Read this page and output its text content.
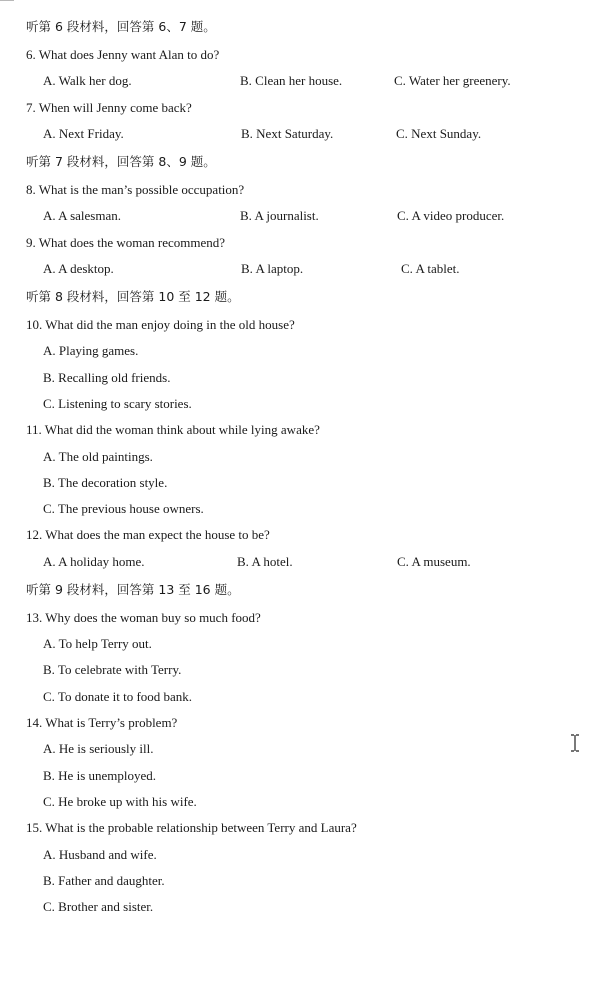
听第 6 段材料，回答第 6、7 题。
6. What does Jenny want Alan to do?
A. Walk her dog.	B. Clean her house.	C. Water her greenery.
7. When will Jenny come back?
A. Next Friday.	B. Next Saturday.	C. Next Sunday.
听第 7 段材料，回答第 8、9 题。
8. What is the man’s possible occupation?
A. A salesman.	B. A journalist.	C. A video producer.
9. What does the woman recommend?
A. A desktop.	B. A laptop.	C. A tablet.
听第 8 段材料，回答第 10 至 12 题。
10. What did the man enjoy doing in the old house?
A. Playing games.
B. Recalling old friends.
C. Listening to scary stories.
11. What did the woman think about while lying awake?
A. The old paintings.
B. The decoration style.
C. The previous house owners.
12. What does the man expect the house to be?
A. A holiday home.	B. A hotel.	C. A museum.
听第 9 段材料，回答第 13 至 16 题。
13. Why does the woman buy so much food?
A. To help Terry out.
B. To celebrate with Terry.
C. To donate it to food bank.
14. What is Terry’s problem?
A. He is seriously ill.
B. He is unemployed.
C. He broke up with his wife.
15. What is the probable relationship between Terry and Laura?
A. Husband and wife.
B. Father and daughter.
C. Brother and sister.
